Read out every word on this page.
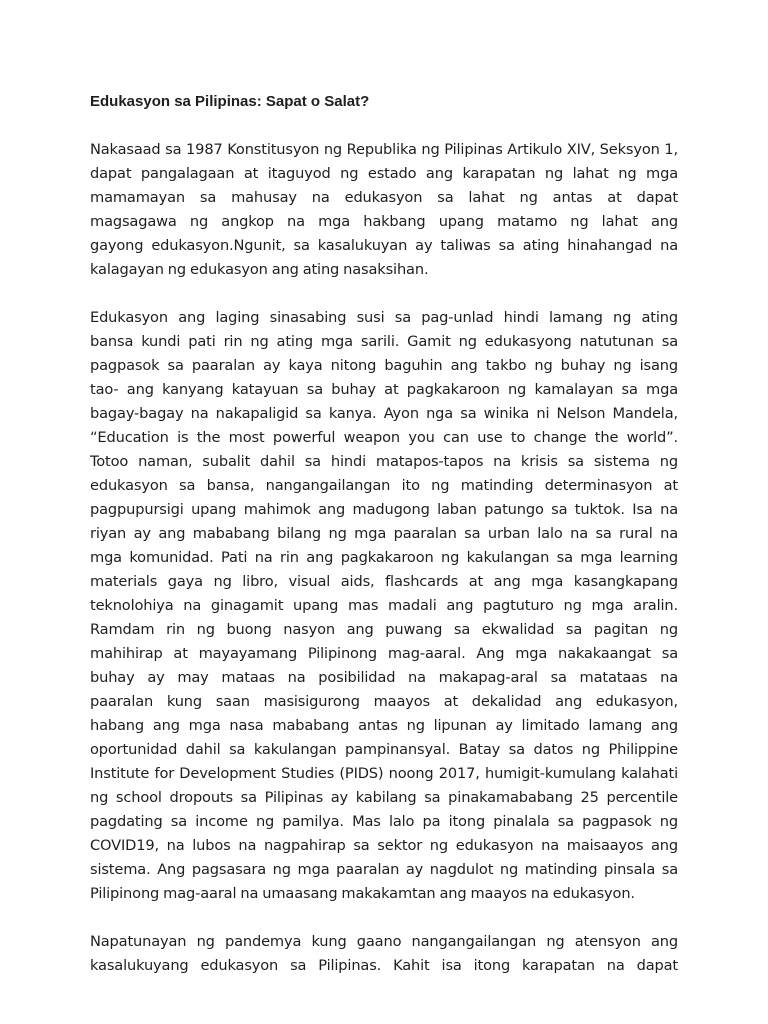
Edukasyon sa Pilipinas: Sapat o Salat?
Nakasaad sa 1987 Konstitusyon ng Republika ng Pilipinas Artikulo XIV, Seksyon 1,
dapat pangalagaan at itaguyod ng estado ang karapatan ng lahat ng mga
mamamayan sa mahusay na edukasyon sa lahat ng antas at dapat
magsagawa ng angkop na mga hakbang upang matamo ng lahat ang
gayong edukasyon.Ngunit, sa kasalukuyan ay taliwas sa ating hinahangad na
kalagayan ng edukasyon ang ating nasaksihan.
Edukasyon ang laging sinasabing susi sa pag-unlad hindi lamang ng ating
bansa kundi pati rin ng ating mga sarili. Gamit ng edukasyong natutunan sa
pagpasok sa paaralan ay kaya nitong baguhin ang takbo ng buhay ng isang
tao- ang kanyang katayuan sa buhay at pagkakaroon ng kamalayan sa mga
bagay-bagay na nakapaligid sa kanya. Ayon nga sa winika ni Nelson Mandela,
“Education is the most powerful weapon you can use to change the world”.
Totoo naman, subalit dahil sa hindi matapos-tapos na krisis sa sistema ng
edukasyon sa bansa, nangangailangan ito ng matinding determinasyon at
pagpupursigi upang mahimok ang madugong laban patungo sa tuktok. Isa na
riyan ay ang mababang bilang ng mga paaralan sa urban lalo na sa rural na
mga komunidad. Pati na rin ang pagkakaroon ng kakulangan sa mga learning
materials gaya ng libro, visual aids, flashcards at ang mga kasangkapang
teknolohiya na ginagamit upang mas madali ang pagtuturo ng mga aralin.
Ramdam rin ng buong nasyon ang puwang sa ekwalidad sa pagitan ng
mahihirap at mayayamang Pilipinong mag-aaral. Ang mga nakakaangat sa
buhay ay may mataas na posibilidad na makapag-aral sa matataas na
paaralan kung saan masisigurong maayos at dekalidad ang edukasyon,
habang ang mga nasa mababang antas ng lipunan ay limitado lamang ang
oportunidad dahil sa kakulangan pampinansyal. Batay sa datos ng Philippine
Institute for Development Studies (PIDS) noong 2017, humigit-kumulang kalahati
ng school dropouts sa Pilipinas ay kabilang sa pinakamababang 25 percentile
pagdating sa income ng pamilya. Mas lalo pa itong pinalala sa pagpasok ng
COVID19, na lubos na nagpahirap sa sektor ng edukasyon na maisaayos ang
sistema. Ang pagsasara ng mga paaralan ay nagdulot ng matinding pinsala sa
Pilipinong mag-aaral na umaasang makakamtan ang maayos na edukasyon.
Napatunayan ng pandemya kung gaano nangangailangan ng atensyon ang
kasalukuyang edukasyon sa Pilipinas. Kahit isa itong karapatan na dapat
